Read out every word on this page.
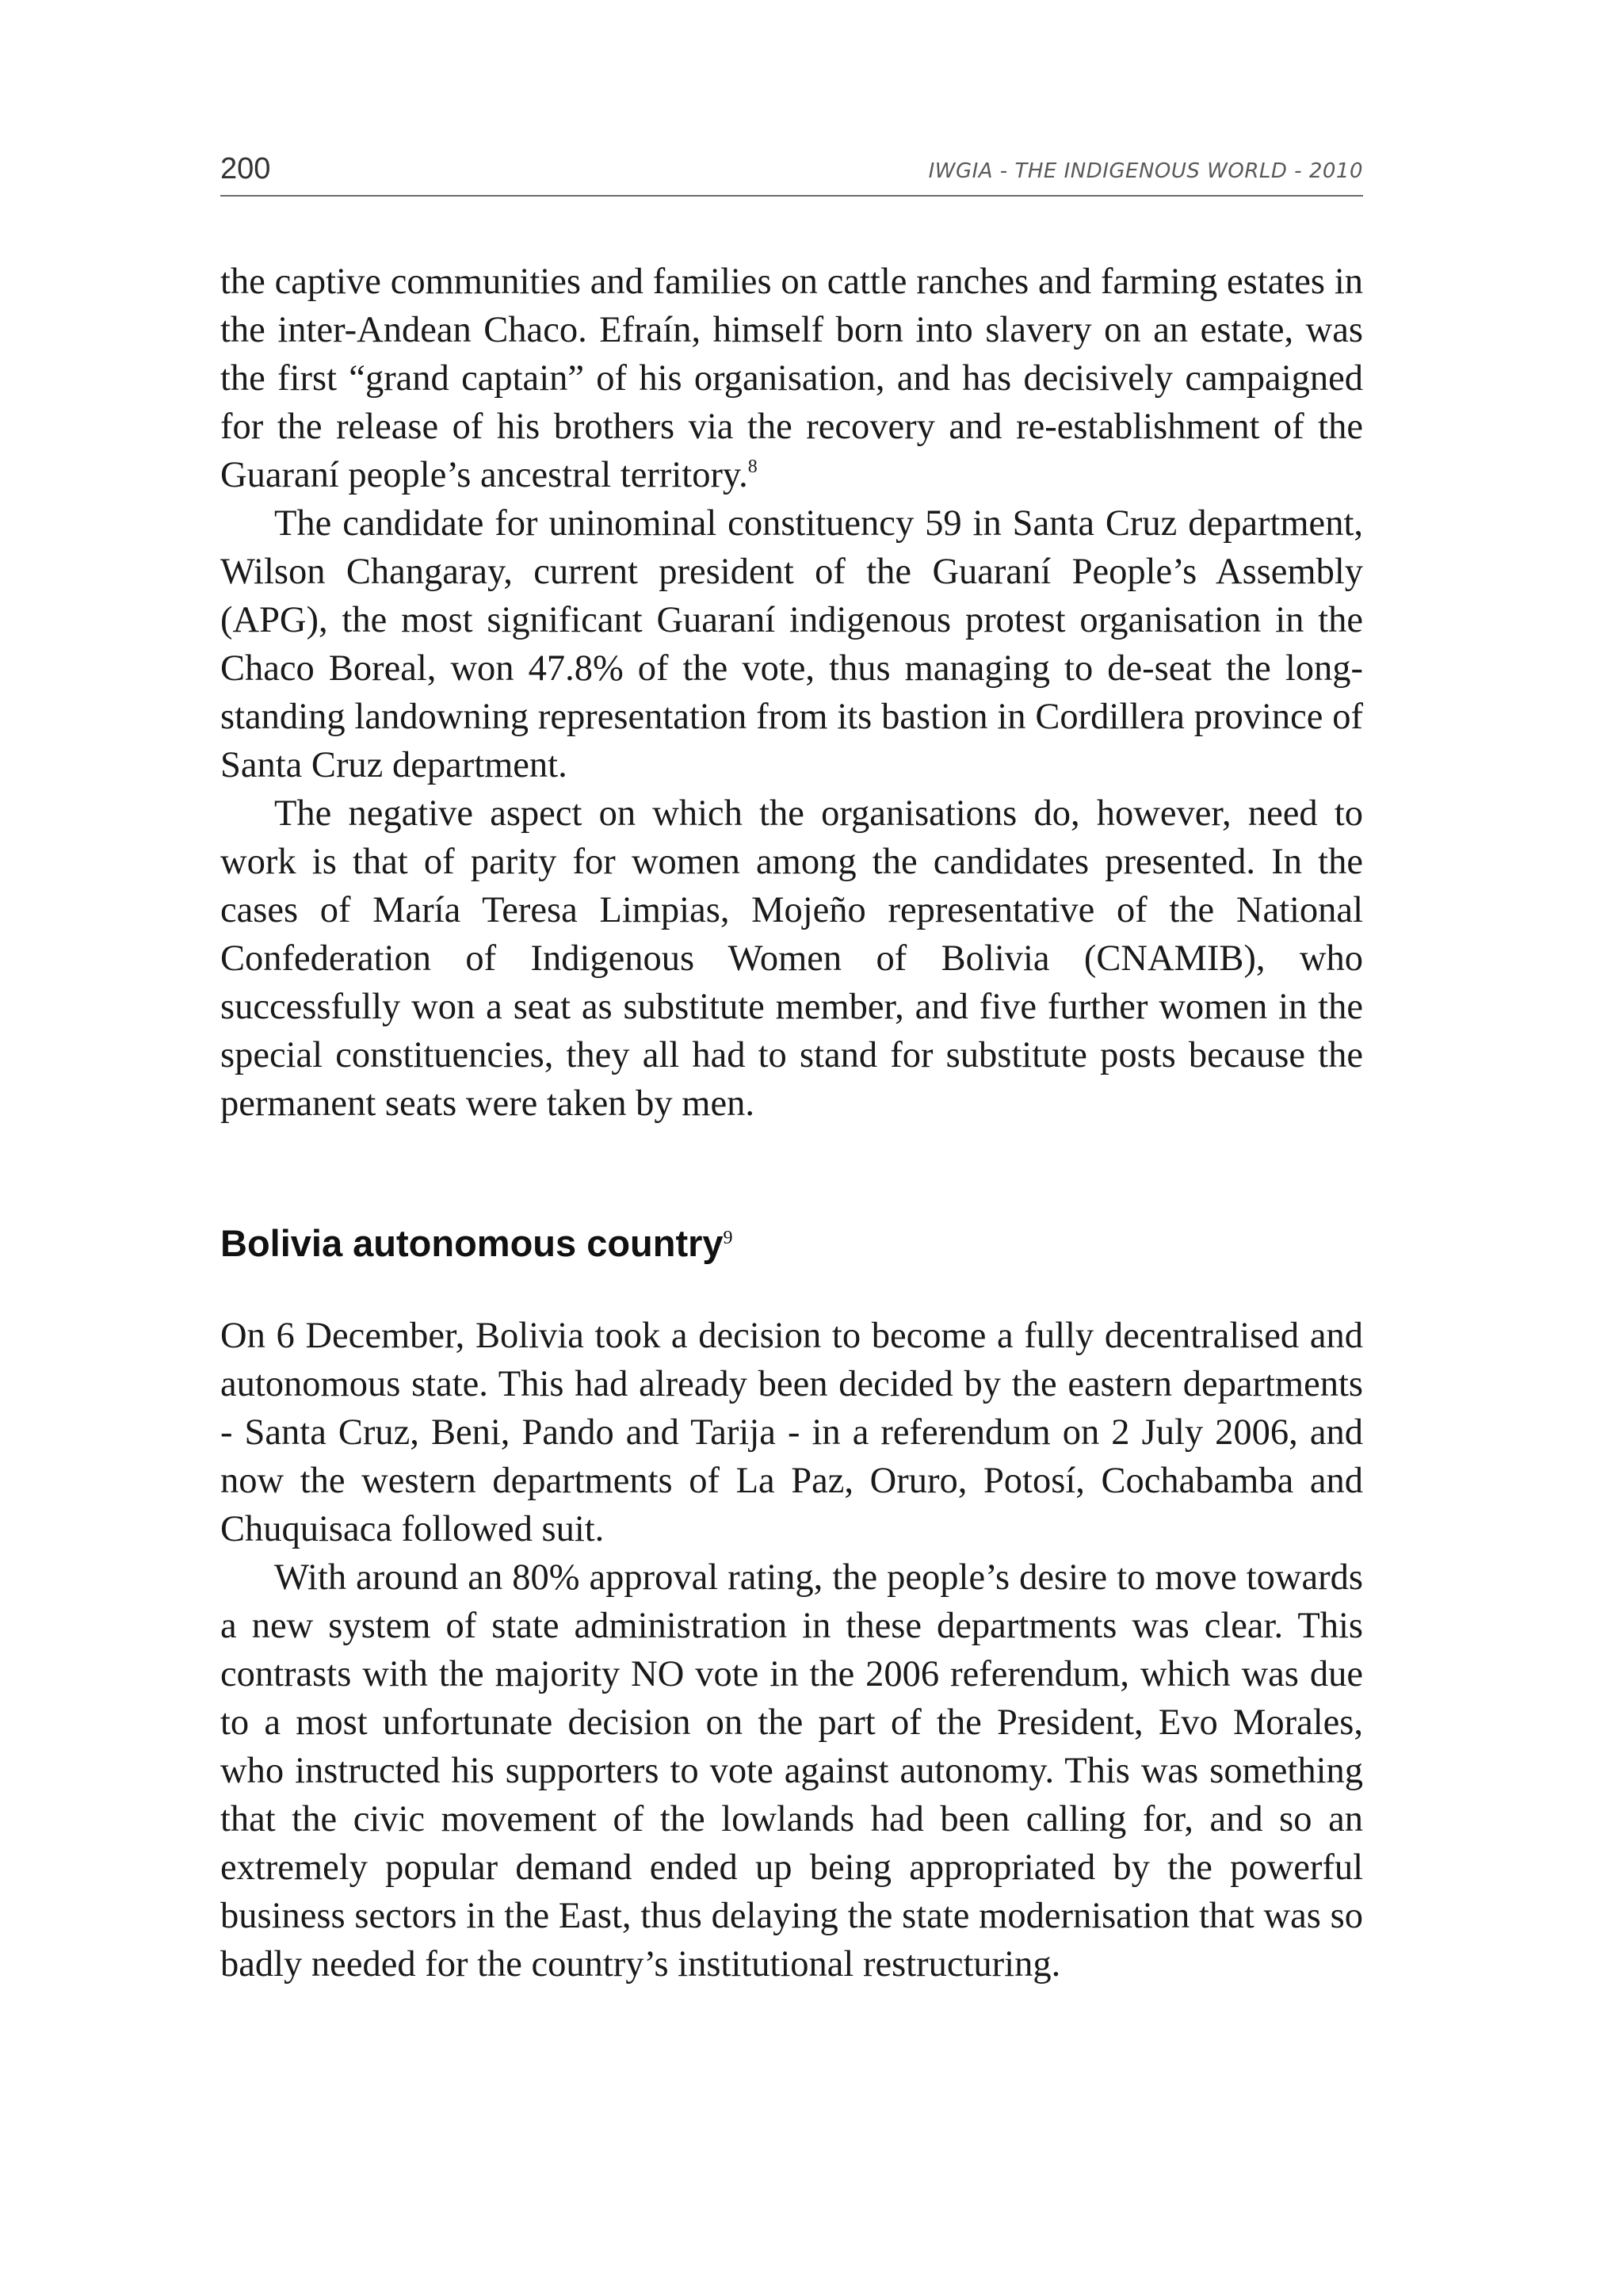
200	IWGIA - THE INDIGENOUS WORLD - 2010

the captive communities and families on cattle ranches and farming estates in the inter-Andean Chaco. Efraín, himself born into slavery on an estate, was the first “grand captain” of his organisation, and has decisively campaigned for the release of his brothers via the recovery and re-establishment of the Guaraní people’s ancestral territory.$^8$

The candidate for uninominal constituency 59 in Santa Cruz department, Wilson Changaray, current president of the Guaraní People’s Assembly (APG), the most significant Guaraní indigenous protest organisation in the Chaco Boreal, won 47.8% of the vote, thus managing to de-seat the long-standing landowning representation from its bastion in Cordillera province of Santa Cruz department.

The negative aspect on which the organisations do, however, need to work is that of parity for women among the candidates presented. In the cases of María Teresa Limpias, Mojeño representative of the National Confederation of Indigenous Women of Bolivia (CNAMIB), who successfully won a seat as substitute member, and five further women in the special constituencies, they all had to stand for substitute posts because the permanent seats were taken by men.

Bolivia autonomous country$^9$

On 6 December, Bolivia took a decision to become a fully decentralised and autonomous state. This had already been decided by the eastern departments - Santa Cruz, Beni, Pando and Tarija - in a referendum on 2 July 2006, and now the western departments of La Paz, Oruro, Potosí, Cochabamba and Chuquisaca followed suit.

With around an 80% approval rating, the people’s desire to move towards a new system of state administration in these departments was clear. This contrasts with the majority NO vote in the 2006 referendum, which was due to a most unfortunate decision on the part of the President, Evo Morales, who instructed his supporters to vote against autonomy. This was something that the civic movement of the lowlands had been calling for, and so an extremely popular demand ended up being appropriated by the powerful business sectors in the East, thus delaying the state modernisation that was so badly needed for the country’s institutional restructuring.
